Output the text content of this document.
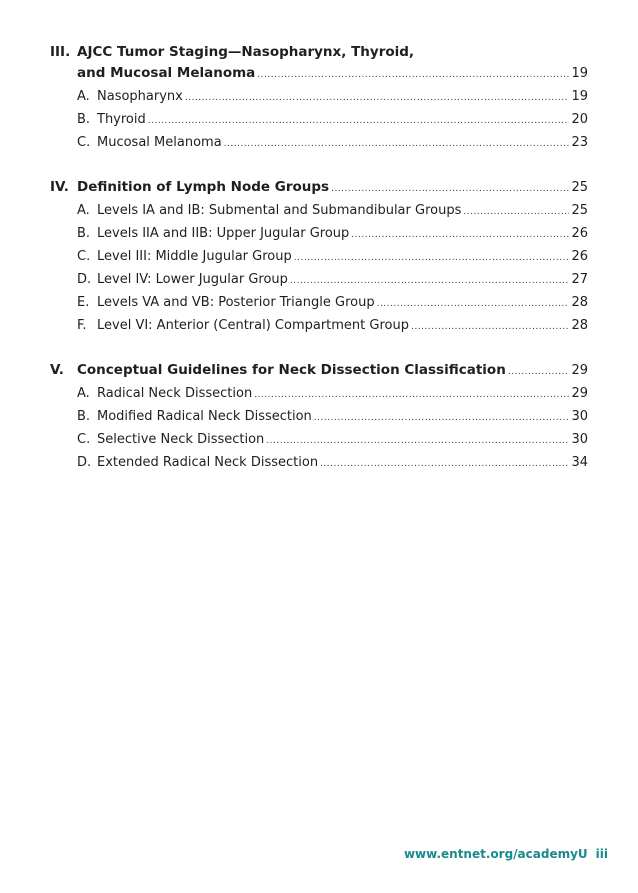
III. AJCC Tumor Staging—Nasopharynx, Thyroid,
and Mucosal Melanoma .....	19
A. Nasopharynx .....	19
B. Thyroid .....	20
C. Mucosal Melanoma .....	23
IV. Definition of Lymph Node Groups .....	25
A. Levels IA and IB: Submental and Submandibular Groups .....	25
B. Levels IIA and IIB: Upper Jugular Group .....	26
C. Level III: Middle Jugular Group .....	26
D. Level IV: Lower Jugular Group .....	27
E. Levels VA and VB: Posterior Triangle Group .....	28
F. Level VI: Anterior (Central) Compartment Group .....	28
V. Conceptual Guidelines for Neck Dissection Classification .....	29
A. Radical Neck Dissection .....	29
B. Modified Radical Neck Dissection .....	30
C. Selective Neck Dissection .....	30
D. Extended Radical Neck Dissection .....	34
www.entnet.org/academyU iii
